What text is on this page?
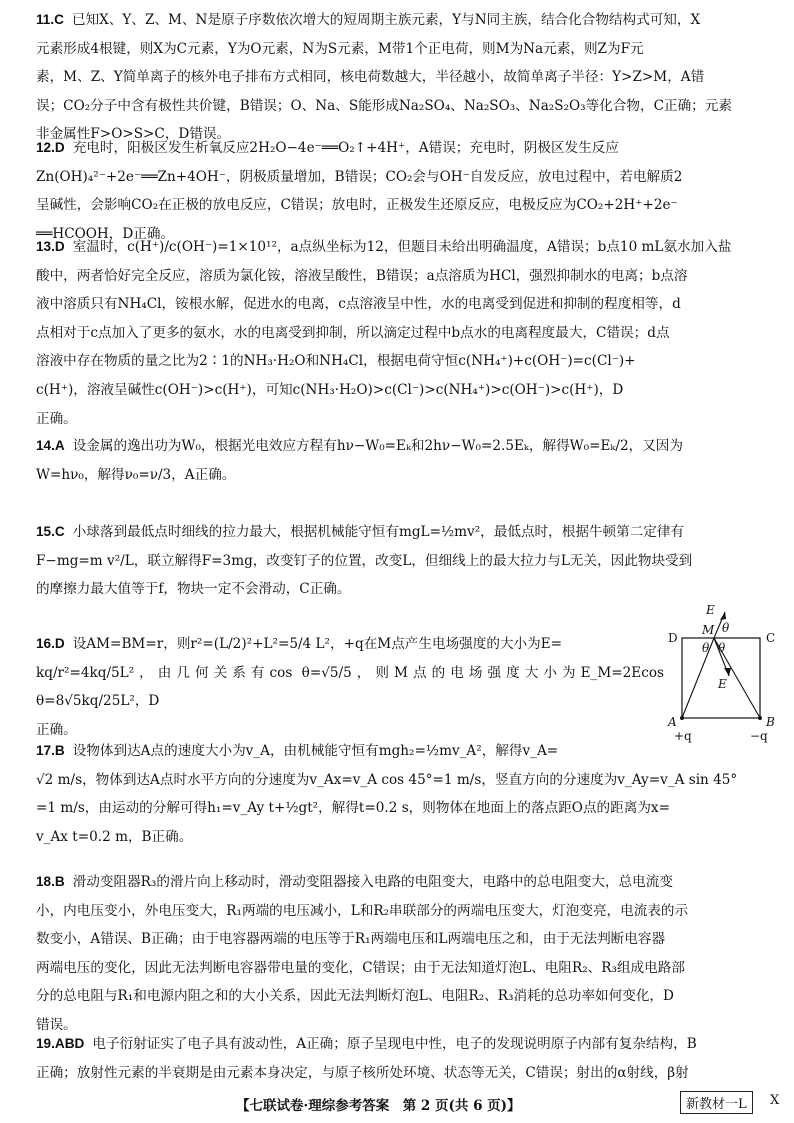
11.C 已知X、Y、Z、M、N是原子序数依次增大的短周期主族元素，Y与N同主族，结合化合物结构式可知，X

元素形成4根键，则X为C元素，Y为O元素，N为S元素，M带1个正电荷，则M为Na元素，则Z为F元

素，M、Z、Y简单离子的核外电子排布方式相同，核电荷数越大，半径越小，故简单离子半径：Y>Z>M，A错

误；CO₂分子中含有极性共价键，B错误；O、Na、S能形成Na₂SO₄、Na₂SO₃、Na₂S₂O₃等化合物，C正确；元素

非金属性F>O>S>C，D错误。

12.D 充电时，阳极区发生析氧反应2H₂O−4e⁻══O₂↑+4H⁺，A错误；充电时，阴极区发生反应

Zn(OH)₄²⁻+2e⁻══Zn+4OH⁻，阴极质量增加，B错误；CO₂会与OH⁻自发反应，放电过程中，若电解质2

呈碱性，会影响CO₂在正极的放电反应，C错误；放电时，正极发生还原反应，电极反应为CO₂+2H⁺+2e⁻

══HCOOH，D正确。

13.D 室温时，c(H⁺)/c(OH⁻)=1×10¹²，a点纵坐标为12，但题目未给出明确温度，A错误；b点10 mL氨水加入盐

酸中，两者恰好完全反应，溶质为氯化铵，溶液呈酸性，B错误；a点溶质为HCl，强烈抑制水的电离；b点溶

液中溶质只有NH₄Cl，铵根水解，促进水的电离，c点溶液呈中性，水的电离受到促进和抑制的程度相等，d

点相对于c点加入了更多的氨水，水的电离受到抑制，所以滴定过程中b点水的电离程度最大，C错误；d点

溶液中存在物质的量之比为2∶1的NH₃·H₂O和NH₄Cl，根据电荷守恒c(NH₄⁺)+c(OH⁻)=c(Cl⁻)+

c(H⁺)，溶液呈碱性c(OH⁻)>c(H⁺)，可知c(NH₃·H₂O)>c(Cl⁻)>c(NH₄⁺)>c(OH⁻)>c(H⁺)，D

正确。

14.A 设金属的逸出功为W₀，根据光电效应方程有hν−W₀=Eₖ和2hν−W₀=2.5Eₖ，解得W₀=Eₖ/2，又因为

W=hν₀，解得ν₀=ν/3，A正确。

15.C 小球落到最低点时细线的拉力最大，根据机械能守恒有mgL=½mv²，最低点时，根据牛顿第二定律有

F−mg=m v²/L，联立解得F=3mg，改变钉子的位置，改变L，但细线上的最大拉力与L无关，因此物块受到

的摩擦力最大值等于f，物块一定不会滑动，C正确。

16.D 设AM=BM=r，则r²=(L/2)²+L²=5/4 L²，+q在M点产生电场强度的大小为E=

kq/r²=4kq/5L²，由几何关系有cos θ=√5/5，则M点的电场强度大小为E_M=2Ecos θ=8√5kq/25L²，D

正确。

E
D
M θ
C
θ θ
E
A	B
+q	−q

17.B 设物体到达A点的速度大小为v_A，由机械能守恒有mgh₂=½mv_A²，解得v_A=

√2 m/s，物体到达A点时水平方向的分速度为v_Ax=v_A cos 45°=1 m/s，竖直方向的分速度为v_Ay=v_A sin 45°

=1 m/s，由运动的分解可得h₁=v_Ay t+½gt²，解得t=0.2 s，则物体在地面上的落点距O点的距离为x=

v_Ax t=0.2 m，B正确。

18.B 滑动变阻器R₃的滑片向上移动时，滑动变阻器接入电路的电阻变大，电路中的总电阻变大，总电流变

小，内电压变小，外电压变大，R₁两端的电压减小，L和R₂串联部分的两端电压变大，灯泡变亮，电流表的示

数变小，A错误、B正确；由于电容器两端的电压等于R₁两端电压和L两端电压之和，由于无法判断电容器

两端电压的变化，因此无法判断电容器带电量的变化，C错误；由于无法知道灯泡L、电阻R₂、R₃组成电路部

分的总电阻与R₁和电源内阻之和的大小关系，因此无法判断灯泡L、电阻R₂、R₃消耗的总功率如何变化，D

错误。

19.ABD 电子衍射证实了电子具有波动性，A正确；原子呈现电中性，电子的发现说明原子内部有复杂结构，B

正确；放射性元素的半衰期是由元素本身决定，与原子核所处环境、状态等无关，C错误；射出的α射线，β射

【七联试卷·理综参考答案　第 2 页(共 6 页)】	新教材一L	X
